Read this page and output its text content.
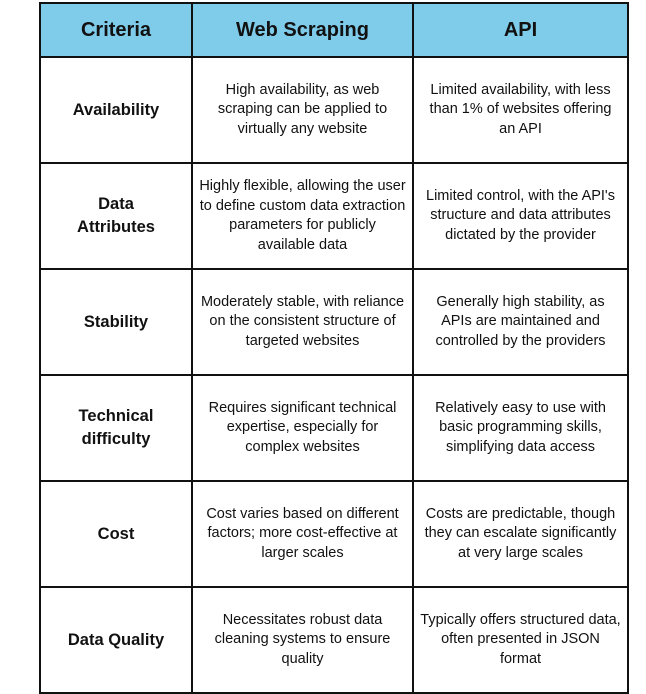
Criteria	Web Scraping	API
Availability	High availability, as web scraping can be applied to virtually any website	Limited availability, with less than 1% of websites offering an API
Data Attributes	Highly flexible, allowing the user to define custom data extraction parameters for publicly available data	Limited control, with the API's structure and data attributes dictated by the provider
Stability	Moderately stable, with reliance on the consistent structure of targeted websites	Generally high stability, as APIs are maintained and controlled by the providers
Technical difficulty	Requires significant technical expertise, especially for complex websites	Relatively easy to use with basic programming skills, simplifying data access
Cost	Cost varies based on different factors; more cost-effective at larger scales	Costs are predictable, though they can escalate significantly at very large scales
Data Quality	Necessitates robust data cleaning systems to ensure quality	Typically offers structured data, often presented in JSON format
